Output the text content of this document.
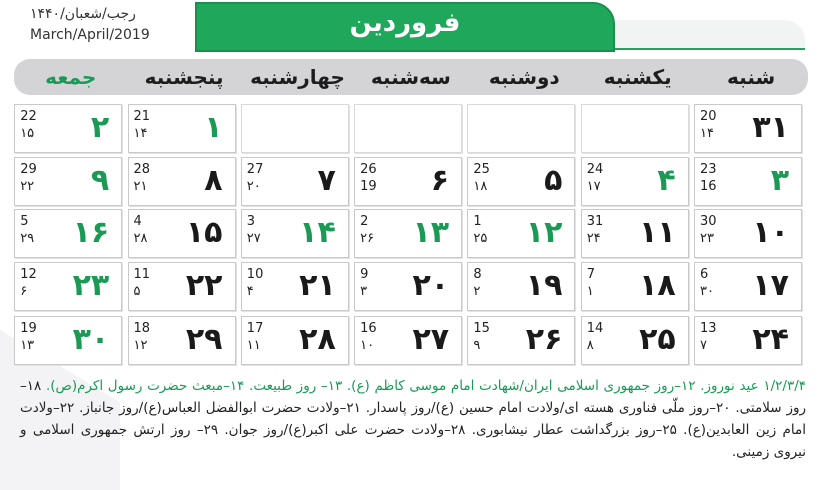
رجب/شعبان/۱۴۴۰
March/April/2019	فروردین
شنبه
یکشنبه
دوشنبه
سه‌شنبه
چهارشنبه
پنجشنبه
جمعه
۳۱
20
۱۴
۱
21
۱۴
۲
22
۱۵
۳
23
16
۴
24
۱۷
۵
25
۱۸
۶
26
19
۷
27
۲۰
۸
28
۲۱
۹
29
۲۲
۱۰
30
۲۳
۱۱
31
۲۴
۱۲
1
۲۵
۱۳
2
۲۶
۱۴
3
۲۷
۱۵
4
۲۸
۱۶
5
۲۹
۱۷
6
۳۰
۱۸
7
۱
۱۹
8
۲
۲۰
9
۳
۲۱
10
۴
۲۲
11
۵
۲۳
12
۶
۲۴
13
۷
۲۵
14
۸
۲۶
15
۹
۲۷
16
۱۰
۲۸
17
۱۱
۲۹
18
۱۲
۳۰
19
۱۳
۱/۲/۳/۴ عید نوروز. ۱۲–روز جمهوری اسلامی ایران/شهادت امام موسی کاظم (ع). ۱۳– روز طبیعت. ۱۴–مبعث حضرت رسول اکرم(ص). ۱۸–روز سلامتی. ۲۰–روز ملّی فناوری هسته ای/ولادت امام حسین (ع)/روز پاسدار. ۲۱–ولادت حضرت ابوالفضل العباس(ع)/روز جانباز. ۲۲–ولادت امام زین العابدین(ع). ۲۵–روز بزرگداشت عطار نیشابوری. ۲۸–ولادت حضرت علی اکبر(ع)/روز جوان. ۲۹– روز ارتش جمهوری اسلامی و نیروی زمینی.
